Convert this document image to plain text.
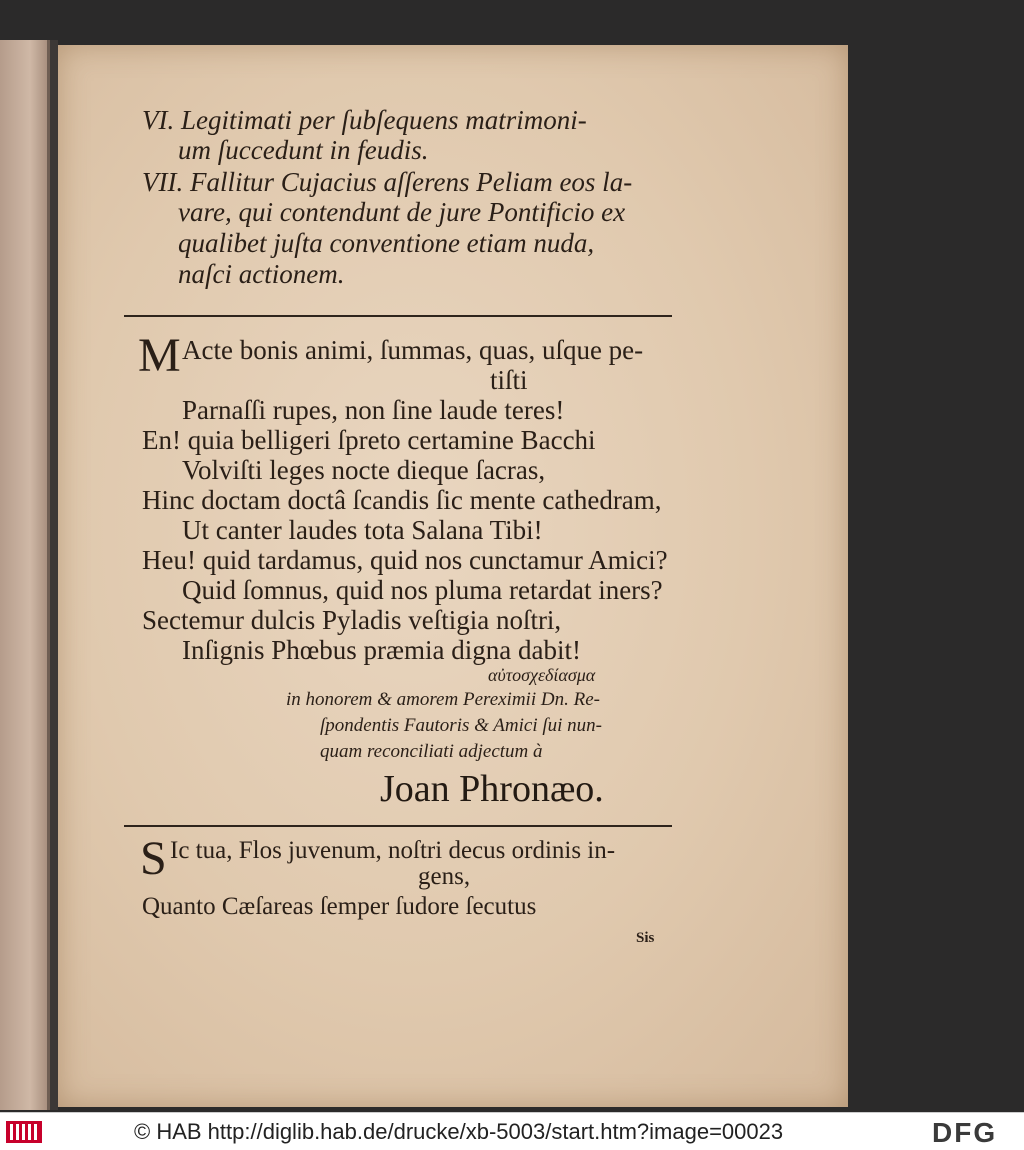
VI. Legitimati per ſubſequens matrimoni-
um ſuccedunt in feudis.
VII. Fallitur Cujacius aſſerens Peliam eos la-
vare, qui contendunt de jure Pontificio ex
qualibet juſta conventione etiam nuda,
naſci actionem.
M Acte bonis animi, ſummas, quas, uſque pe-
tiſti
Parnaſſi rupes, non ſine laude teres!
En! quia belligeri ſpreto certamine Bacchi
Volviſti leges nocte dieque ſacras,
Hinc doctam doctâ ſcandis ſic mente cathedram,
Ut canter laudes tota Salana Tibi!
Heu! quid tardamus, quid nos cunctamur Amici?
Quid ſomnus, quid nos pluma retardat iners?
Sectemur dulcis Pyladis veſtigia noſtri,
Inſignis Phœbus præmia digna dabit!
αὐτοσχεδίασμα
in honorem & amorem Pereximii Dn. Re-
ſpondentis Fautoris & Amici ſui nun-
quam reconciliati adjectum à
Joan Phronæo.
S Ic tua, Flos juvenum, noſtri decus ordinis in-
gens,
Quanto Cæſareas ſemper ſudore ſecutus
Sis
© HAB http://diglib.hab.de/drucke/xb-5003/start.htm?image=00023	DFG
